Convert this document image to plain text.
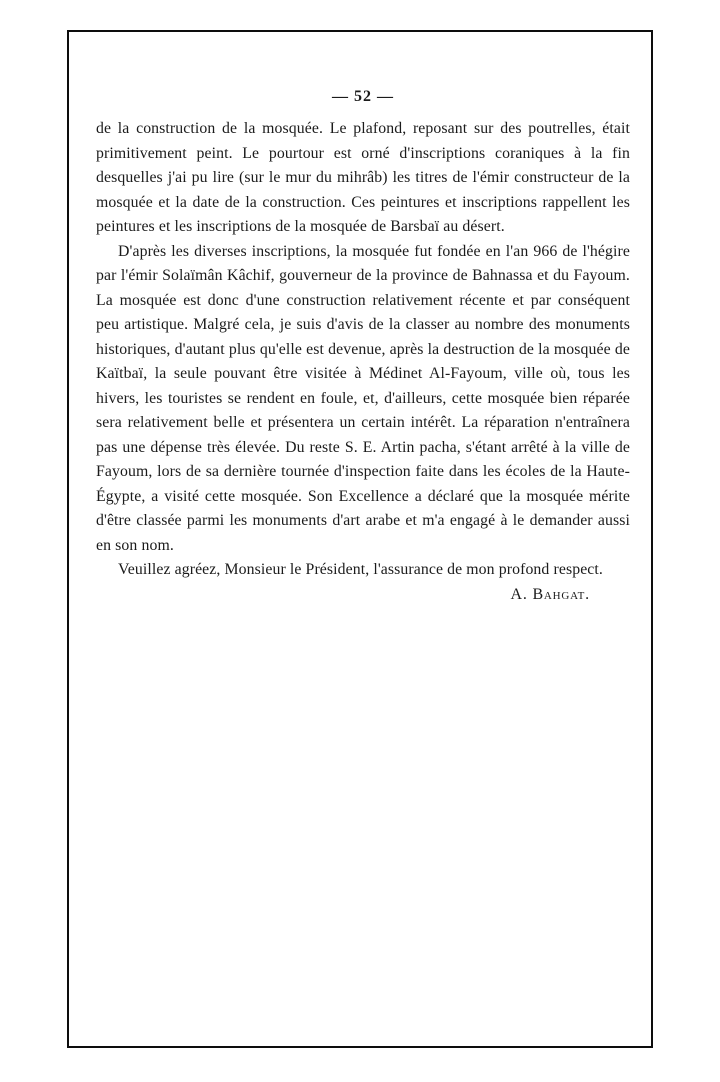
— 52 —

de la construction de la mosquée. Le plafond, reposant sur des poutrelles, était primitivement peint. Le pourtour est orné d'inscriptions coraniques à la fin desquelles j'ai pu lire (sur le mur du mihrâb) les titres de l'émir constructeur de la mosquée et la date de la construction. Ces peintures et inscriptions rappellent les peintures et les inscriptions de la mosquée de Barsbaï au désert.

D'après les diverses inscriptions, la mosquée fut fondée en l'an 966 de l'hégire par l'émir Solaïmân Kâchif, gouverneur de la province de Bahnassa et du Fayoum. La mosquée est donc d'une construction relativement récente et par conséquent peu artistique. Malgré cela, je suis d'avis de la classer au nombre des monuments historiques, d'autant plus qu'elle est devenue, après la destruction de la mosquée de Kaïtbaï, la seule pouvant être visitée à Médinet Al-Fayoum, ville où, tous les hivers, les touristes se rendent en foule, et, d'ailleurs, cette mosquée bien réparée sera relativement belle et présentera un certain intérêt. La réparation n'entraînera pas une dépense très élevée. Du reste S. E. Artin pacha, s'étant arrêté à la ville de Fayoum, lors de sa dernière tournée d'inspection faite dans les écoles de la Haute-Égypte, a visité cette mosquée. Son Excellence a déclaré que la mosquée mérite d'être classée parmi les monuments d'art arabe et m'a engagé à le demander aussi en son nom.

Veuillez agréez, Monsieur le Président, l'assurance de mon profond respect.

A. Bahgat.
